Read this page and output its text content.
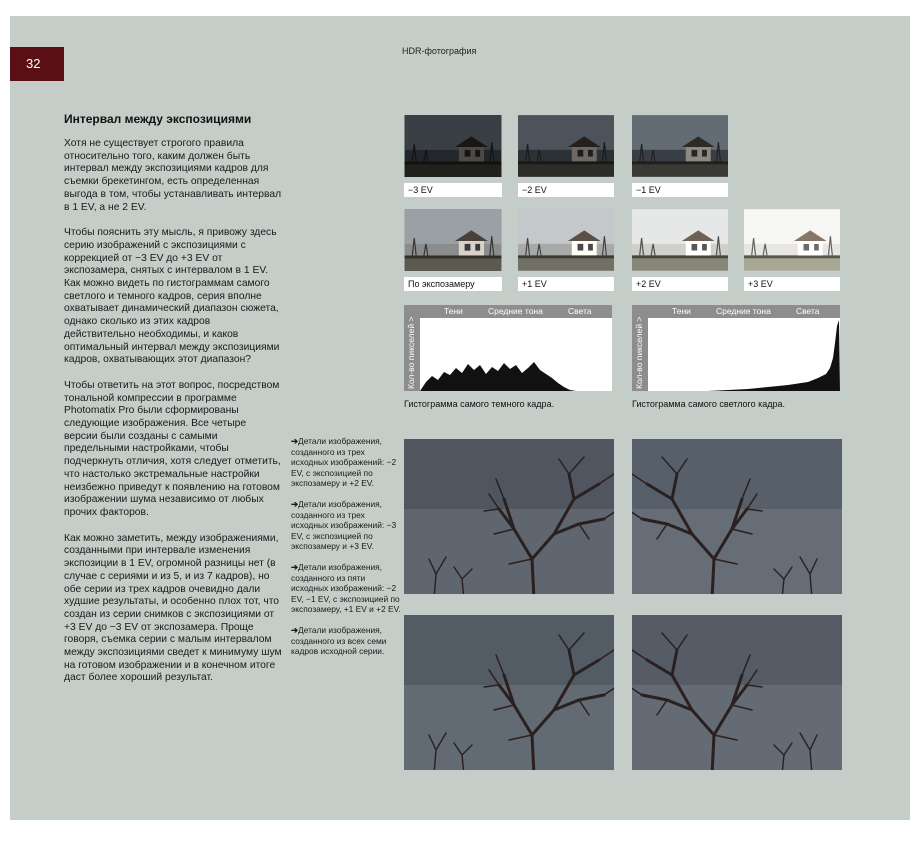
32
HDR-фотография
Интервал между экспозициями

Хотя не существует строгого правила относительно того, каким должен быть интервал между экспозициями кадров для съемки брекетингом, есть определенная выгода в том, чтобы устанавливать интервал в 1 EV, а не 2 EV.

Чтобы пояснить эту мысль, я привожу здесь серию изображений с экспозициями с коррекцией от −3 EV до +3 EV от экспозамера, снятых с интервалом в 1 EV. Как можно видеть по гистограммам самого светлого и темного кадров, серия вполне охватывает динамический диапазон сюжета, однако сколько из этих кадров действительно необходимы, и каков оптимальный интервал между экспозициями кадров, охватывающих этот диапазон?

Чтобы ответить на этот вопрос, посредством тональной компрессии в программе Photomatix Pro были сформированы следующие изображения. Все четыре версии были созданы с самыми предельными настройками, чтобы подчеркнуть отличия, хотя следует отметить, что настолько экстремальные настройки неизбежно приведут к появлению на готовом изображении шума независимо от любых прочих факторов.

Как можно заметить, между изображениями, созданными при интервале изменения экспозиции в 1 EV, огромной разницы нет (в случае с сериями и из 5, и из 7 кадров), но обе серии из трех кадров очевидно дали худшие результаты, и особенно плох тот, что создан из серии снимков с экспозициями от +3 EV до −3 EV от экспозамера. Проще говоря, съемка серии с малым интервалом между экспозициями сведет к минимуму шум на готовом изображении и в конечном итоге даст более хороший результат.

−3 EV	−2 EV	−1 EV
По экспозамеру	+1 EV	+2 EV	+3 EV
Кол-во пикселей >
Тени	Средние тона	Света
Гистограмма самого темного кадра.
Кол-во пикселей >
Тени	Средние тона	Света
Гистограмма самого светлого кадра.
➔Детали изображения, созданного из трех исходных изображений: −2 EV, с экспозицией по экспозамеру и +2 EV.
➔Детали изображения, созданного из трех исходных изображений: −3 EV, с экспозицией по экспозамеру и +3 EV.
➔Детали изображения, созданного из пяти исходных изображений: −2 EV, −1 EV, с экспозицией по экспозамеру, +1 EV и +2 EV.
➔Детали изображения, созданного из всех семи кадров исходной серии.
